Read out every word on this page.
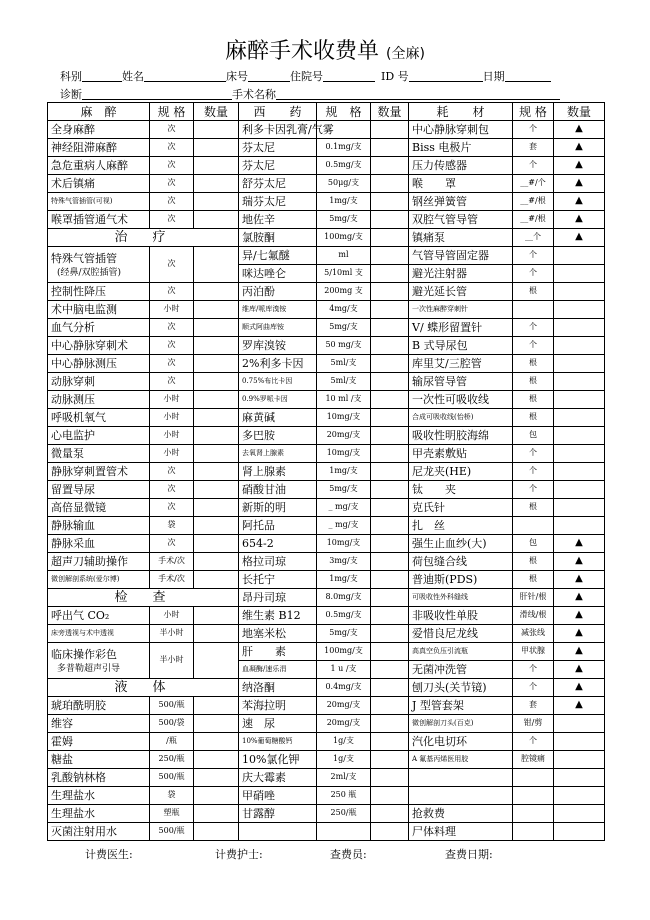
麻醉手术收费单 (全麻)
科别	姓名	床号	住院号	ID 号	日期
诊断	手术名称
麻　醉	规 格	数量	西　　药	规　格	数量	耗　　材	规 格	数量
全身麻醉	次		利多卡因乳膏/气雾			中心静脉穿刺包	个	▲
神经阻滞麻醉	次		芬太尼	0.1mg/支		Biss 电极片	套	▲
急危重病人麻醉	次		芬太尼	0.5mg/支		压力传感器	个	▲
术后镇痛	次		舒芬太尼	50μg/支		喉　　罩	__#/个	▲
特殊气管插管(可视)	次		瑞芬太尼	1mg/支		钢丝弹簧管	__#/根	▲
喉罩插管通气术	次		地佐辛	5mg/支		双腔气管导管	__#/根	▲
治　疗			氯胺酮	100mg/支		镇痛泵	__个	▲

特殊气管插管
(经鼻/双腔插管)	次		异/七氟醚	ml		气管导管固定器	个	
			咪达唑仑	5/10ml 支		避光注射器	个	
控制性降压	次		丙泊酚	200mg 支		避光延长管	根	
术中脑电监测	小时		维库/哌库溴铵	4mg/支		一次性麻醉穿刺针		
血气分析	次		顺式阿曲库铵	5mg/支		V/ 蝶形留置针	个	
中心静脉穿刺术	次		罗库溴铵	50 mg/支		B 式导尿包	个	
中心静脉测压	次		2%利多卡因	5ml/支		库里艾/三腔管	根	
动脉穿刺	次		0.75%布比卡因	5ml/支		输尿管导管	根	
动脉测压	小时		0.9%罗哌卡因	10 ml /支		一次性可吸收线	根	
呼吸机氧气	小时		麻黄碱	10mg/支		合成可吸收线(怡桥)	根	
心电监护	小时		多巴胺	20mg/支		吸收性明胶海绵	包	
微量泵	小时		去氧肾上腺素	10mg/支		甲壳素敷贴	个	
静脉穿刺置管术	次		肾上腺素	1mg/支		尼龙夹(HE)	个	
留置导尿	次		硝酸甘油	5mg/支		钛　　夹	个	
高倍显微镜	次		新斯的明	_ mg/支		克氏针	根	
静脉输血	袋		阿托品	_ mg/支		扎　丝		
静脉采血	次		654-2	10mg/支		强生止血纱(大)	包	▲
超声刀辅助操作	手术/次		格拉司琼	3mg/支		荷包缝合线	根	▲
微创解剖系统(爱尔博)	手术/次		长托宁	1mg/支		普迪斯(PDS)	根	▲
检　查			昂丹司琼	8.0mg/支		可吸收性外科缝线	肝针/根	▲
呼出气 CO₂	小时		维生素 B12	0.5mg/支		非吸收性单股	滑线/根	▲
床旁透视与术中透视	半小时		地塞米松	5mg/支		爱惜良尼龙线	减张线	▲

临床操作彩色
多普勒超声引导	半小时		肝　　素	100mg/支		高真空负压引流瓶	甲状腺	▲
			血凝酶/速乐涓	1 u /支		无菌冲洗管	个	▲
液　体			纳洛酮	0.4mg/支		刨刀头(关节镜)	个	▲
琥珀酰明胶	500/瓶		苯海拉明	20mg/支		J 型管套架	套	▲
维容	500/袋		速　尿	20mg/支		微创解剖刀头(百克)	钳/剪	
霍姆	/瓶		10%葡萄糖酸钙	1g/支		汽化电切环	个	
糖盐	250/瓶		10%氯化钾	1g/支		A 氟基丙烯医用胶	腔镜痛	
乳酸钠林格	500/瓶		庆大霉素	2ml/支				
生理盐水	袋		甲硝唑	250 瓶				
生理盐水	塑瓶		甘露醇	250/瓶		抢救费		
灭菌注射用水	500/瓶					尸体料理		
计费医生:	计费护士:	查费员:	查费日期:
